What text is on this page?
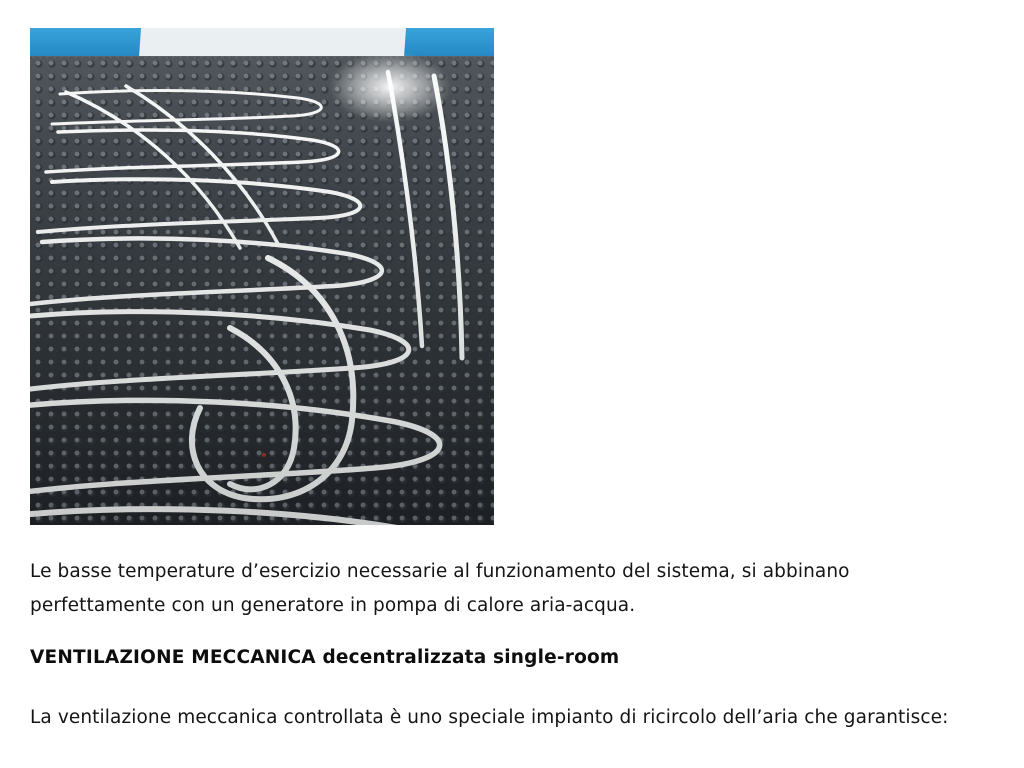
Le basse temperature d’esercizio necessarie al funzionamento del sistema, si abbinano perfettamente con un generatore in pompa di calore aria-acqua.

VENTILAZIONE MECCANICA decentralizzata single-room

La ventilazione meccanica controllata è uno speciale impianto di ricircolo dell’aria che garantisce:
